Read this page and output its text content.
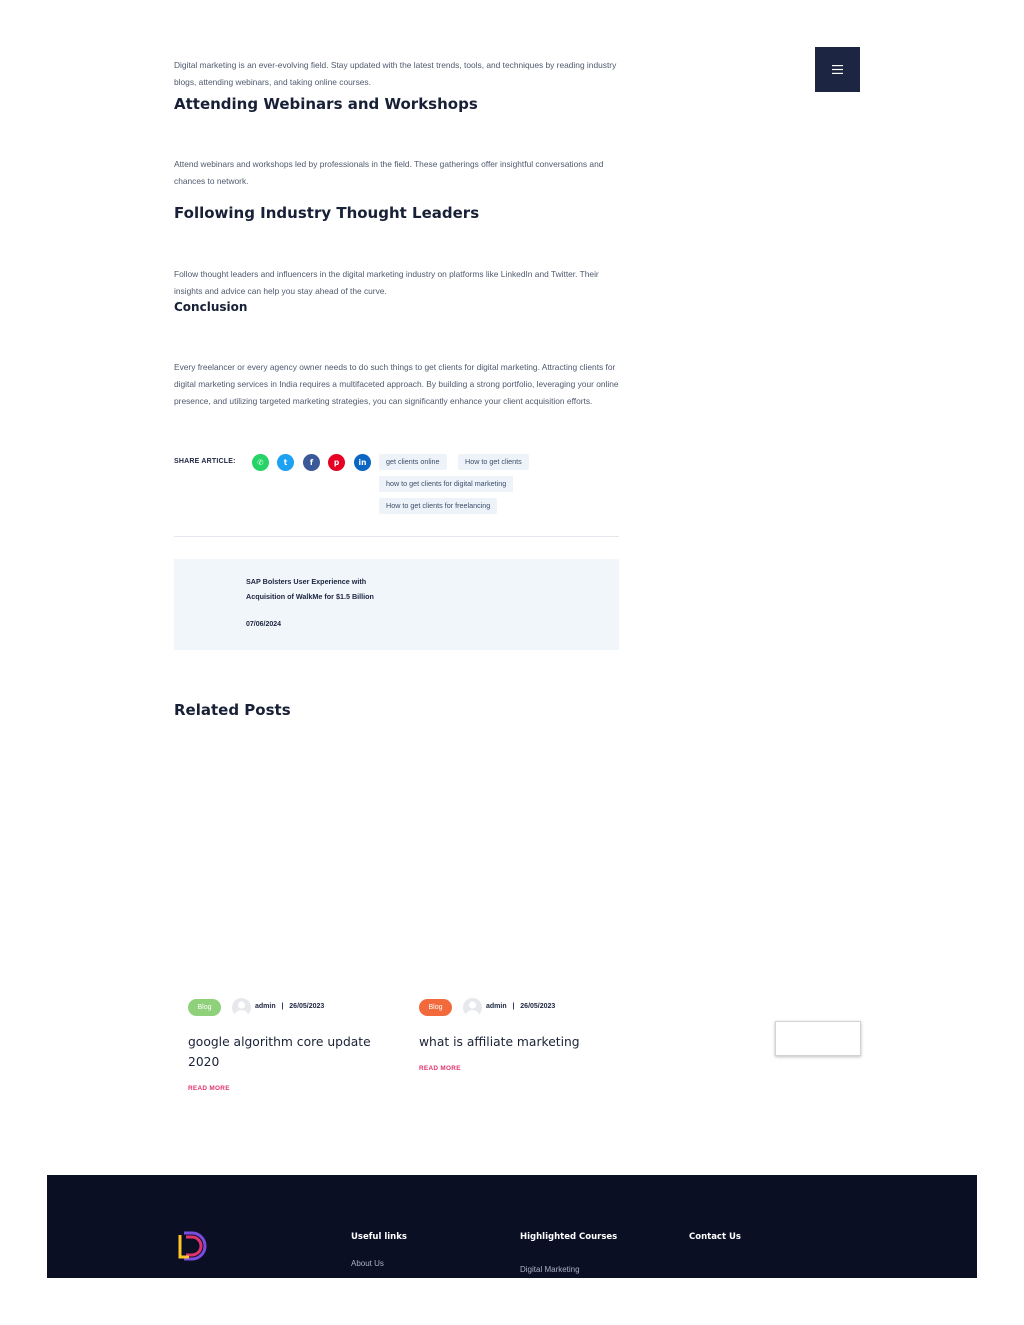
Digital marketing is an ever-evolving field. Stay updated with the latest trends, tools, and techniques by reading industry blogs, attending webinars, and taking online courses.

Attending Webinars and Workshops

Attend webinars and workshops led by professionals in the field. These gatherings offer insightful conversations and chances to network.

Following Industry Thought Leaders

Follow thought leaders and influencers in the digital marketing industry on platforms like LinkedIn and Twitter. Their insights and advice can help you stay ahead of the curve.

Conclusion

Every freelancer or every agency owner needs to do such things to get clients for digital marketing. Attracting clients for digital marketing services in India requires a multifaceted approach. By building a strong portfolio, leveraging your online presence, and utilizing targeted marketing strategies, you can significantly enhance your client acquisition efforts.

SHARE ARTICLE:	✆	t	f	p	in	get clients online	How to get clients
how to get clients for digital marketing
How to get clients for freelancing
SAP Bolsters User Experience with Acquisition of WalkMe for $1.5 Billion
07/06/2024
Related Posts
Blog	admin | 26/05/2023
google algorithm core update 2020
READ MORE
Blog	admin | 26/05/2023
what is affiliate marketing
READ MORE
Useful links
About Us
Highlighted Courses
Digital Marketing
Contact Us
